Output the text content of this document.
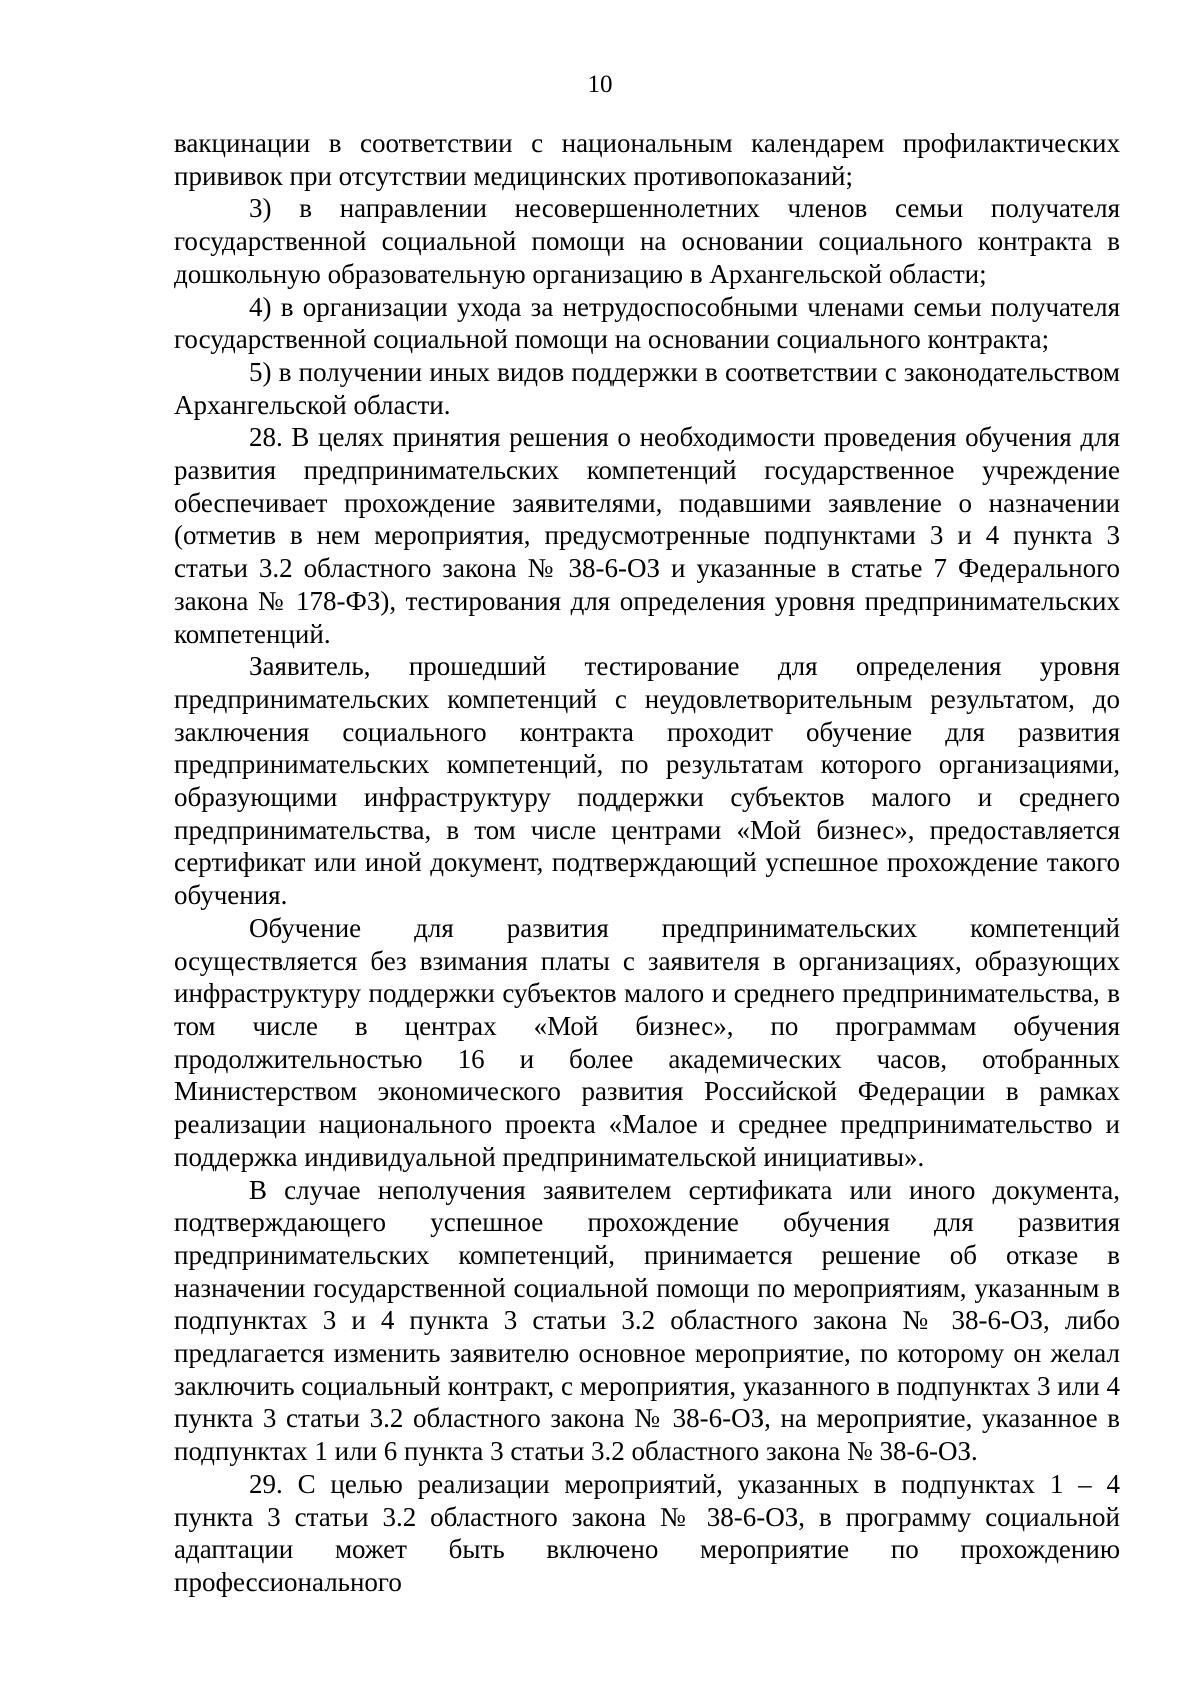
10

вакцинации в соответствии с национальным календарем профилактических прививок при отсутствии медицинских противопоказаний;

3) в направлении несовершеннолетних членов семьи получателя государственной социальной помощи на основании социального контракта в дошкольную образовательную организацию в Архангельской области;

4) в организации ухода за нетрудоспособными членами семьи получателя государственной социальной помощи на основании социального контракта;

5) в получении иных видов поддержки в соответствии с законодательством Архангельской области.

28. В целях принятия решения о необходимости проведения обучения для развития предпринимательских компетенций государственное учреждение обеспечивает прохождение заявителями, подавшими заявление о назначении (отметив в нем мероприятия, предусмотренные подпунктами 3 и 4 пункта 3 статьи 3.2 областного закона № 38-6-ОЗ и указанные в статье 7 Федерального закона № 178-ФЗ), тестирования для определения уровня предпринимательских компетенций.

Заявитель, прошедший тестирование для определения уровня предпринимательских компетенций с неудовлетворительным результатом, до заключения социального контракта проходит обучение для развития предпринимательских компетенций, по результатам которого организациями, образующими инфраструктуру поддержки субъектов малого и среднего предпринимательства, в том числе центрами «Мой бизнес», предоставляется сертификат или иной документ, подтверждающий успешное прохождение такого обучения.

Обучение для развития предпринимательских компетенций осуществляется без взимания платы с заявителя в организациях, образующих инфраструктуру поддержки субъектов малого и среднего предпринимательства, в том числе в центрах «Мой бизнес», по программам обучения продолжительностью 16 и более академических часов, отобранных Министерством экономического развития Российской Федерации в рамках реализации национального проекта «Малое и среднее предпринимательство и поддержка индивидуальной предпринимательской инициативы».

В случае неполучения заявителем сертификата или иного документа, подтверждающего успешное прохождение обучения для развития предпринимательских компетенций, принимается решение об отказе в назначении государственной социальной помощи по мероприятиям, указанным в подпунктах 3 и 4 пункта 3 статьи 3.2 областного закона № 38-6-ОЗ, либо предлагается изменить заявителю основное мероприятие, по которому он желал заключить социальный контракт, с мероприятия, указанного в подпунктах 3 или 4 пункта 3 статьи 3.2 областного закона № 38-6-ОЗ, на мероприятие, указанное в подпунктах 1 или 6 пункта 3 статьи 3.2 областного закона № 38-6-ОЗ.

29. С целью реализации мероприятий, указанных в подпунктах 1 – 4 пункта 3 статьи 3.2 областного закона № 38-6-ОЗ, в программу социальной адаптации может быть включено мероприятие по прохождению профессионального
